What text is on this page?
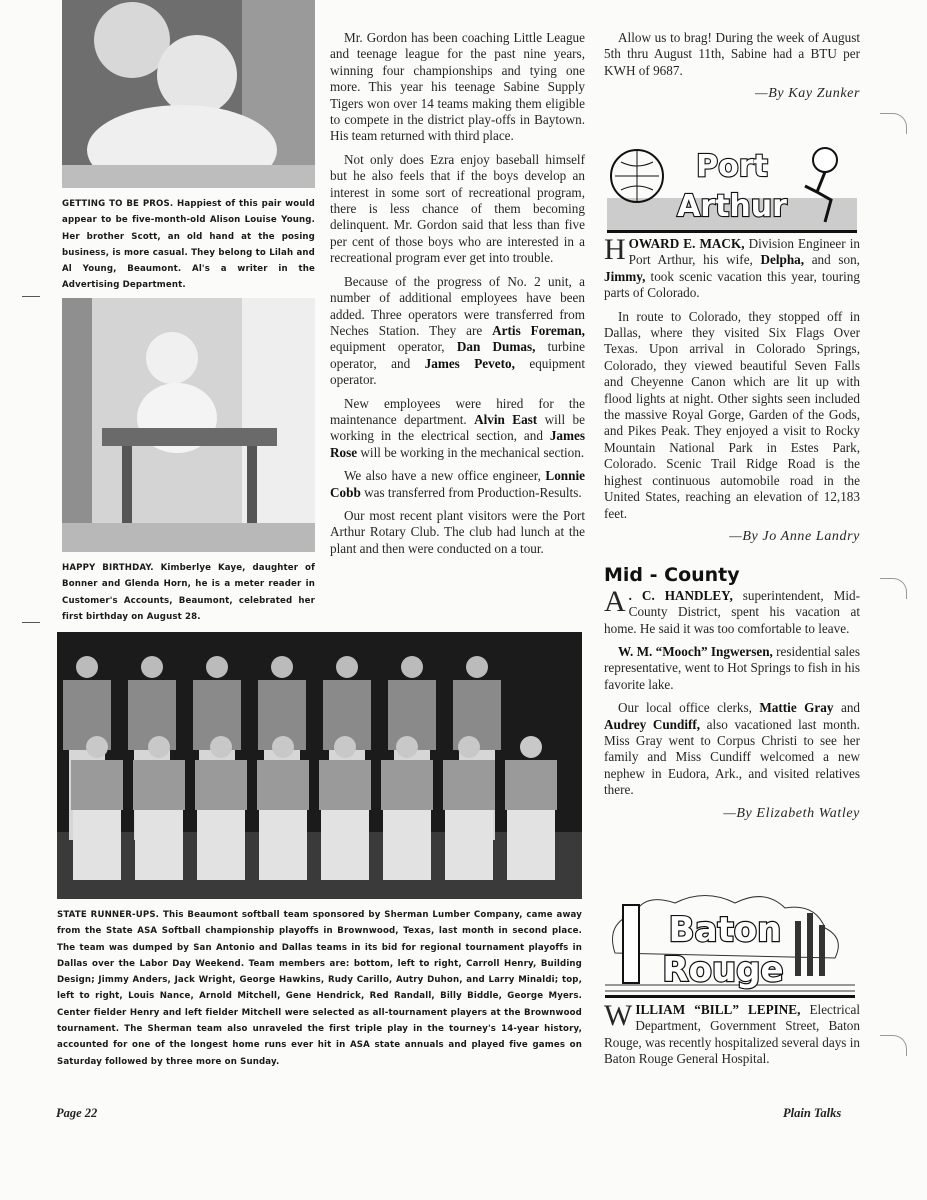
GETTING TO BE PROS. Happiest of this pair would appear to be five-month-old Alison Louise Young. Her brother Scott, an old hand at the posing business, is more casual. They belong to Lilah and Al Young, Beaumont. Al's a writer in the Advertising Department.
HAPPY BIRTHDAY. Kimberlye Kaye, daughter of Bonner and Glenda Horn, he is a meter reader in Customer's Accounts, Beaumont, celebrated her first birthday on August 28.

Mr. Gordon has been coaching Little League and teenage league for the past nine years, winning four championships and tying one more. This year his teenage Sabine Supply Tigers won over 14 teams making them eligible to compete in the district play-offs in Baytown. His team returned with third place.

Not only does Ezra enjoy baseball himself but he also feels that if the boys develop an interest in some sort of recreational program, there is less chance of them becoming delinquent. Mr. Gordon said that less than five per cent of those boys who are interested in a recreational program ever get into trouble.

Because of the progress of No. 2 unit, a number of additional employees have been added. Three operators were transferred from Neches Station. They are Artis Foreman, equipment operator, Dan Dumas, turbine operator, and James Peveto, equipment operator.

New employees were hired for the maintenance department. Alvin East will be working in the electrical section, and James Rose will be working in the mechanical section.

We also have a new office engineer, Lonnie Cobb was transferred from Production-Results.

Our most recent plant visitors were the Port Arthur Rotary Club. The club had lunch at the plant and then were conducted on a tour.

STATE RUNNER-UPS. This Beaumont softball team sponsored by Sherman Lumber Company, came away from the State ASA Softball championship playoffs in Brownwood, Texas, last month in second place. The team was dumped by San Antonio and Dallas teams in its bid for regional tournament playoffs in Dallas over the Labor Day Weekend. Team members are: bottom, left to right, Carroll Henry, Building Design; Jimmy Anders, Jack Wright, George Hawkins, Rudy Carillo, Autry Duhon, and Larry Minaldi; top, left to right, Louis Nance, Arnold Mitchell, Gene Hendrick, Red Randall, Billy Biddle, George Myers. Center fielder Henry and left fielder Mitchell were selected as all-tournament players at the Brownwood tournament. The Sherman team also unraveled the first triple play in the tourney's 14-year history, accounted for one of the longest home runs ever hit in ASA state annuals and played five games on Saturday followed by three more on Sunday.

Allow us to brag! During the week of August 5th thru August 11th, Sabine had a BTU per KWH of 9687.

—By Kay Zunker
Port
Arthur

HOWARD E. MACK, Division Engineer in Port Arthur, his wife, Delpha, and son, Jimmy, took scenic vacation this year, touring parts of Colorado.

In route to Colorado, they stopped off in Dallas, where they visited Six Flags Over Texas. Upon arrival in Colorado Springs, Colorado, they viewed beautiful Seven Falls and Cheyenne Canon which are lit up with flood lights at night. Other sights seen included the massive Royal Gorge, Garden of the Gods, and Pikes Peak. They enjoyed a visit to Rocky Mountain National Park in Estes Park, Colorado. Scenic Trail Ridge Road is the highest continuous automobile road in the United States, reaching an elevation of 12,183 feet.

—By Jo Anne Landry
Mid - County

A . C. HANDLEY, superintendent, Mid-County District, spent his vacation at home. He said it was too comfortable to leave.

W. M. “Mooch” Ingwersen, residential sales representative, went to Hot Springs to fish in his favorite lake.

Our local office clerks, Mattie Gray and Audrey Cundiff, also vacationed last month. Miss Gray went to Corpus Christi to see her family and Miss Cundiff welcomed a new nephew in Eudora, Ark., and visited relatives there.

—By Elizabeth Watley
Baton
Rouge

WILLIAM “BILL” LEPINE, Electrical Department, Government Street, Baton Rouge, was recently hospitalized several days in Baton Rouge General Hospital.

Page 22	Plain Talks
